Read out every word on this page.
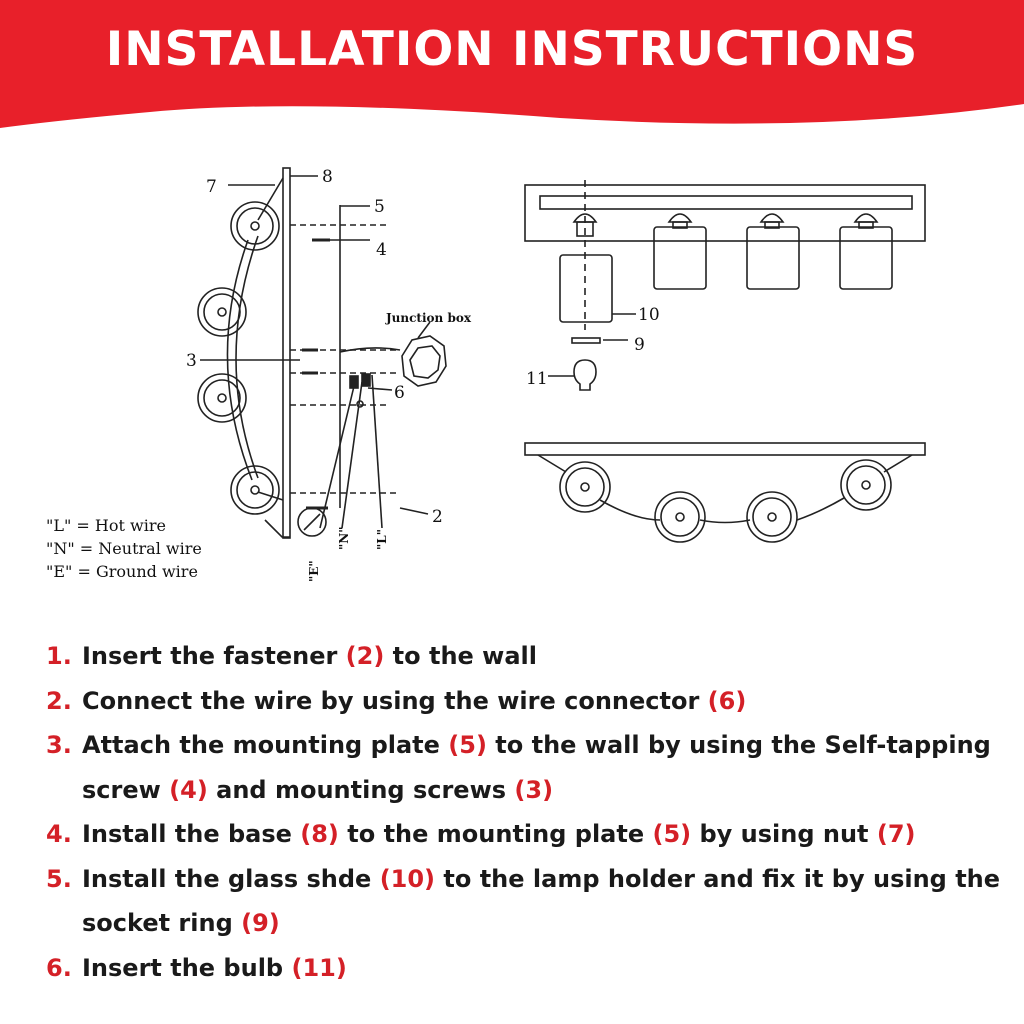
INSTALLATION INSTRUCTIONS
7	8
5
4
3
6
2
Junction box
"E"
"N" "L"
10
9
11
"L" = Hot wire
"N" = Neutral wire
"E" = Ground wire
1. Insert the fastener (2) to the wall
2. Connect the wire by using the wire connector (6)
3. Attach the mounting plate (5) to the wall by using the Self-tapping screw (4) and mounting screws (3)
4. Install the base (8) to the mounting plate (5) by using nut (7)
5. Install the glass shde (10) to the lamp holder and fix it by using the socket ring (9)
6. Insert the bulb (11)
